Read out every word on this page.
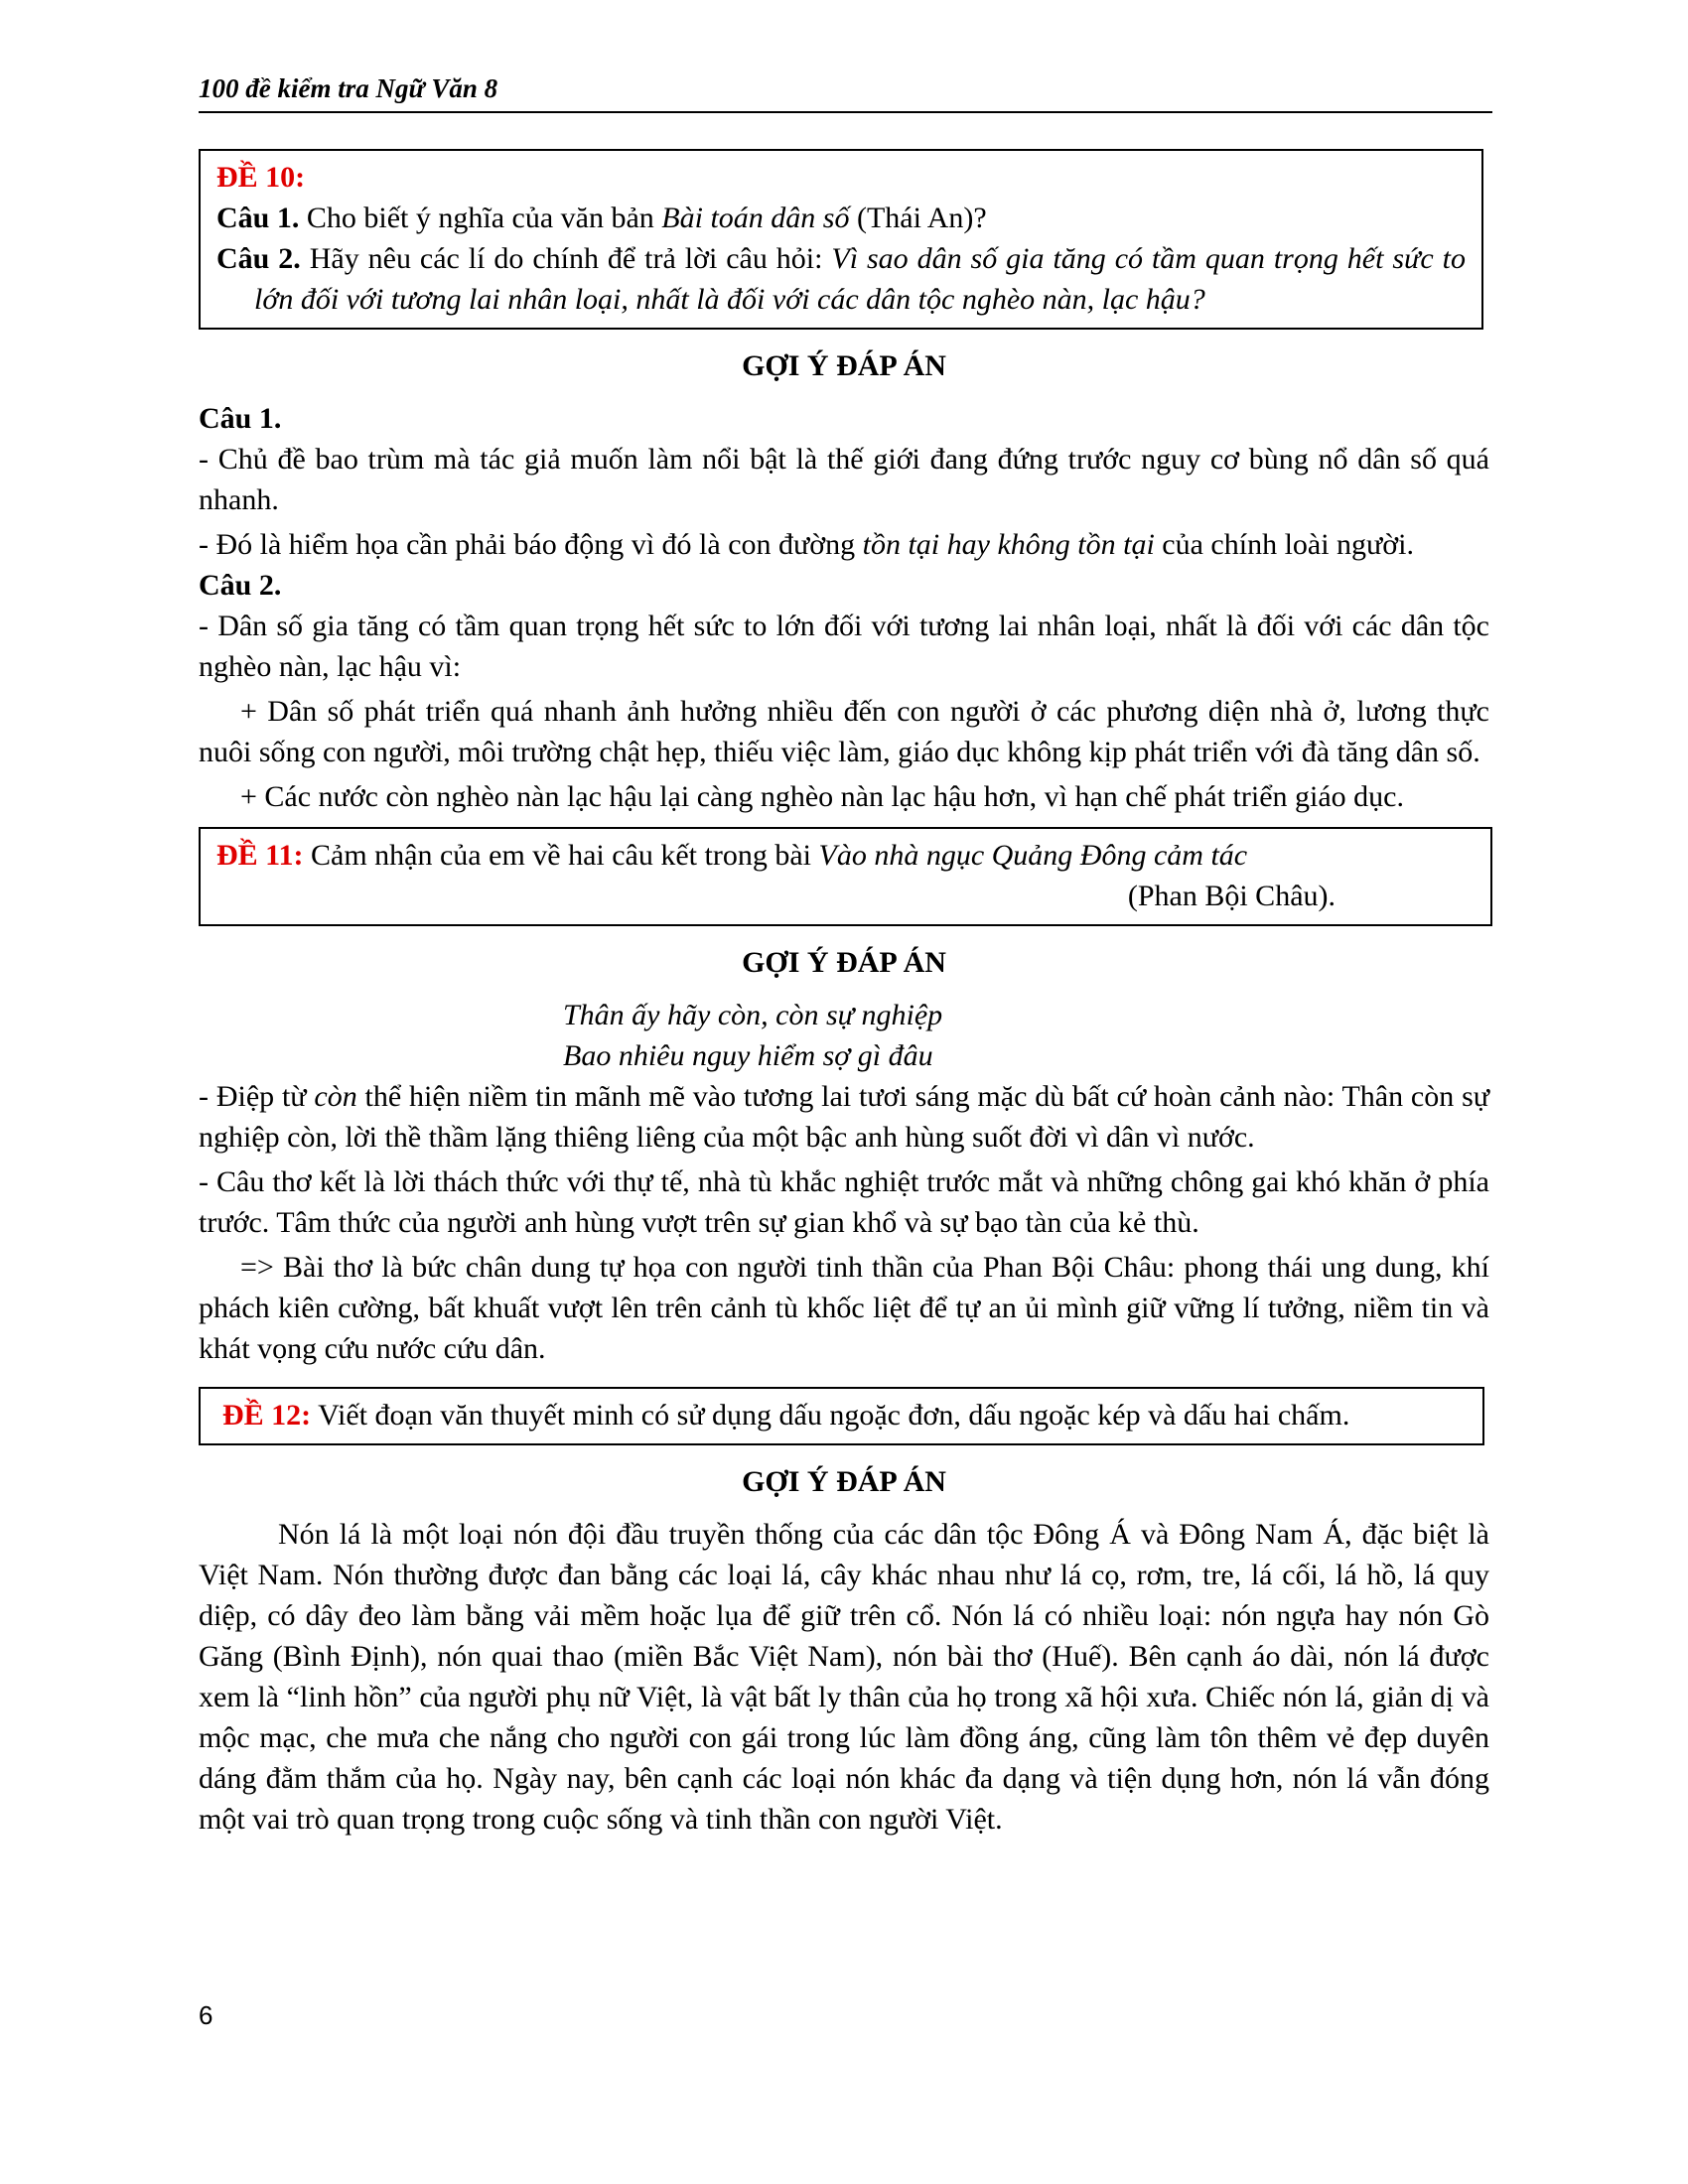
100 đề kiểm tra Ngữ Văn 8
ĐỀ 10:
Câu 1. Cho biết ý nghĩa của văn bản Bài toán dân số (Thái An)?
Câu 2. Hãy nêu các lí do chính để trả lời câu hỏi: Vì sao dân số gia tăng có tầm quan trọng hết sức to lớn đối với tương lai nhân loại, nhất là đối với các dân tộc nghèo nàn, lạc hậu?
GỢI Ý ĐÁP ÁN
Câu 1.

- Chủ đề bao trùm mà tác giả muốn làm nổi bật là thế giới đang đứng trước nguy cơ bùng nổ dân số quá nhanh.

- Đó là hiểm họa cần phải báo động vì đó là con đường tồn tại hay không tồn tại của chính loài người.

Câu 2.

- Dân số gia tăng có tầm quan trọng hết sức to lớn đối với tương lai nhân loại, nhất là đối với các dân tộc nghèo nàn, lạc hậu vì:

+ Dân số phát triển quá nhanh ảnh hưởng nhiều đến con người ở các phương diện nhà ở, lương thực nuôi sống con người, môi trường chật hẹp, thiếu việc làm, giáo dục không kịp phát triển với đà tăng dân số.

+ Các nước còn nghèo nàn lạc hậu lại càng nghèo nàn lạc hậu hơn, vì hạn chế phát triển giáo dục.

ĐỀ 11: Cảm nhận của em về hai câu kết trong bài Vào nhà ngục Quảng Đông cảm tác
(Phan Bội Châu).
GỢI Ý ĐÁP ÁN
Thân ấy hãy còn, còn sự nghiệp
Bao nhiêu nguy hiểm sợ gì đâu

- Điệp từ còn thể hiện niềm tin mãnh mẽ vào tương lai tươi sáng mặc dù bất cứ hoàn cảnh nào: Thân còn sự nghiệp còn, lời thề thầm lặng thiêng liêng của một bậc anh hùng suốt đời vì dân vì nước.

- Câu thơ kết là lời thách thức với thự tế, nhà tù khắc nghiệt trước mắt và những chông gai khó khăn ở phía trước. Tâm thức của người anh hùng vượt trên sự gian khổ và sự bạo tàn của kẻ thù.

=> Bài thơ là bức chân dung tự họa con người tinh thần của Phan Bội Châu: phong thái ung dung, khí phách kiên cường, bất khuất vượt lên trên cảnh tù khốc liệt để tự an ủi mình giữ vững lí tưởng, niềm tin và khát vọng cứu nước cứu dân.

ĐỀ 12: Viết đoạn văn thuyết minh có sử dụng dấu ngoặc đơn, dấu ngoặc kép và dấu hai chấm.
GỢI Ý ĐÁP ÁN

Nón lá là một loại nón đội đầu truyền thống của các dân tộc Đông Á và Đông Nam Á, đặc biệt là Việt Nam. Nón thường được đan bằng các loại lá, cây khác nhau như lá cọ, rơm, tre, lá cối, lá hồ, lá quy diệp, có dây đeo làm bằng vải mềm hoặc lụa để giữ trên cổ. Nón lá có nhiều loại: nón ngựa hay nón Gò Găng (Bình Định), nón quai thao (miền Bắc Việt Nam), nón bài thơ (Huế). Bên cạnh áo dài, nón lá được xem là “linh hồn” của người phụ nữ Việt, là vật bất ly thân của họ trong xã hội xưa. Chiếc nón lá, giản dị và mộc mạc, che mưa che nắng cho người con gái trong lúc làm đồng áng, cũng làm tôn thêm vẻ đẹp duyên dáng đằm thắm của họ. Ngày nay, bên cạnh các loại nón khác đa dạng và tiện dụng hơn, nón lá vẫn đóng một vai trò quan trọng trong cuộc sống và tinh thần con người Việt.

6
